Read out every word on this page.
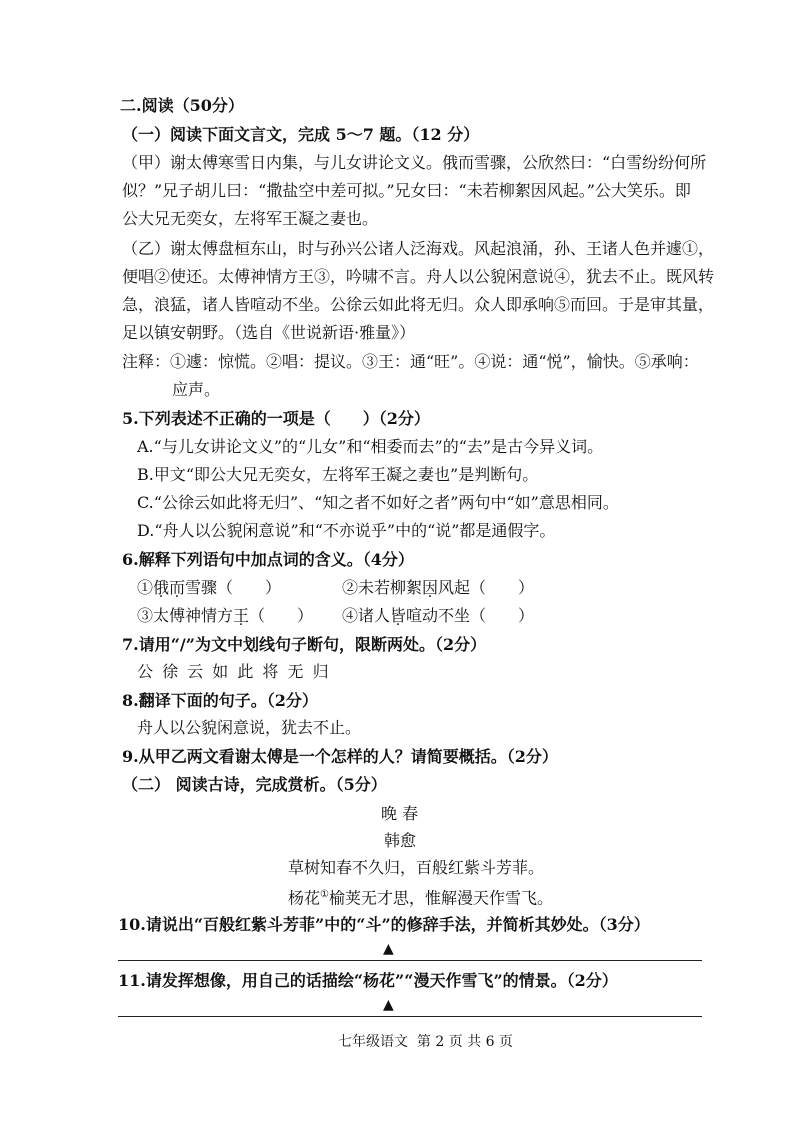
二.阅读（50分）
（一）阅读下面文言文，完成 5～7 题。（12 分）
（甲）谢太傅寒雪日内集，与儿女讲论文义。俄而雪骤，公欣然曰：“白雪纷纷何所
似？”兄子胡儿曰：“撒盐空中差可拟。”兄女曰：“未若柳絮因风起。”公大笑乐。即
公大兄无奕女，左将军王凝之妻也。
（乙）谢太傅盘桓东山，时与孙兴公诸人泛海戏。风起浪涌，孙、王诸人色并遽①，
便唱②使还。太傅神情方王③，吟啸不言。舟人以公貌闲意说④，犹去不止。既风转
急，浪猛，诸人皆喧动不坐。公徐云如此将无归。众人即承响⑤而回。于是审其量，
足以镇安朝野。（选自《世说新语·雅量》）
注释：①遽：惊慌。②唱：提议。③王：通“旺”。④说：通“悦”，愉快。⑤承响：
应声。
5.下列表述不正确的一项是（　　）（2分）
A.“与儿女讲论文义”的“儿女”和“相委而去”的“去”是古今异义词。
B.甲文“即公大兄无奕女，左将军王凝之妻也”是判断句。
C.“公徐云如此将无归”、“知之者不如好之者”两句中“如”意思相同。
D.“舟人以公貌闲意说”和“不亦说乎”中的“说”都是通假字。
6.解释下列语句中加点词的含义。（4分）
①俄而雪骤（　　）	②未若柳絮因风起（　　）
③太傅神情方王（　　） ④诸人皆喧动不坐（　　）
7.请用“/”为文中划线句子断句，限断两处。（2分）
公 徐 云 如 此 将 无 归
8.翻译下面的句子。（2分）
舟人以公貌闲意说，犹去不止。
9.从甲乙两文看谢太傅是一个怎样的人？请简要概括。（2分）
（二） 阅读古诗，完成赏析。（5分）
晚 春
韩愈
草树知春不久归，百般红紫斗芳菲。
杨花①榆荚无才思，惟解漫天作雪飞。
10.请说出“百般红紫斗芳菲”中的“斗”的修辞手法，并简析其妙处。（3分）
▲
11.请发挥想像，用自己的话描绘“杨花”“漫天作雪飞”的情景。（2分）
▲
七年级语文  第 2 页 共 6 页
